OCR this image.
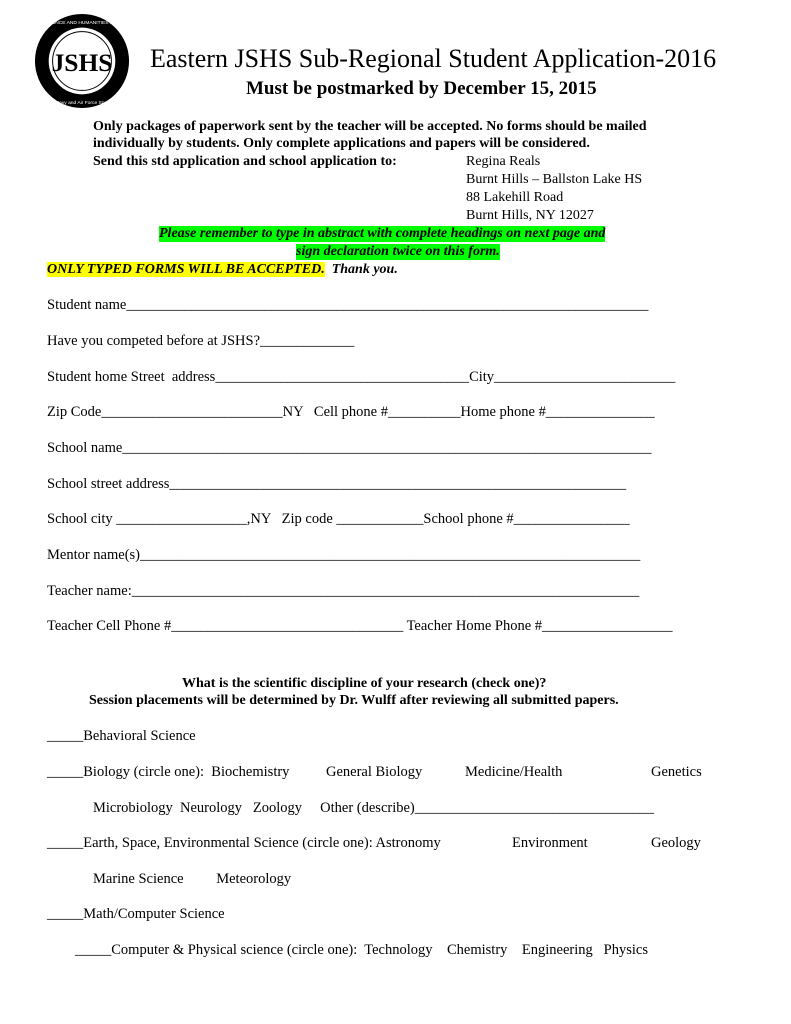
JSHS
JUNIOR SCIENCE AND HUMANITIES SYMPOSIUM
Army, Navy and Air Force Sponsored
Eastern JSHS Sub-Regional Student Application-2016
Must be postmarked by December 15, 2015
Only packages of paperwork sent by the teacher will be accepted. No forms should be mailed
individually by students. Only complete applications and papers will be considered.
Send this std application and school application to:	Regina Reals
Burnt Hills – Ballston Lake HS
88 Lakehill Road
Burnt Hills, NY 12027
Please remember to type in abstract with complete headings on next page and
sign declaration twice on this form.
ONLY TYPED FORMS WILL BE ACCEPTED.  Thank you.
Student name________________________________________________________________________
Have you competed before at JSHS?_____________
Student home Street  address___________________________________City_________________________
Zip Code_________________________NY   Cell phone #__________Home phone #_______________
School name_________________________________________________________________________
School street address_______________________________________________________________
School city __________________,NY   Zip code ____________School phone #________________
Mentor name(s)_____________________________________________________________________
Teacher name:______________________________________________________________________
Teacher Cell Phone #________________________________ Teacher Home Phone #__________________
What is the scientific discipline of your research (check one)?
Session placements will be determined by Dr. Wulff after reviewing all submitted papers.
_____Behavioral Science
_____Biology (circle one):  Biochemistry	General Biology	Medicine/Health	Genetics
Microbiology  Neurology   Zoology     Other (describe)_________________________________
_____Earth, Space, Environmental Science (circle one): Astronomy	Environment	Geology
Marine Science         Meteorology
_____Math/Computer Science
_____Computer & Physical science (circle one):  Technology    Chemistry    Engineering   Physics
